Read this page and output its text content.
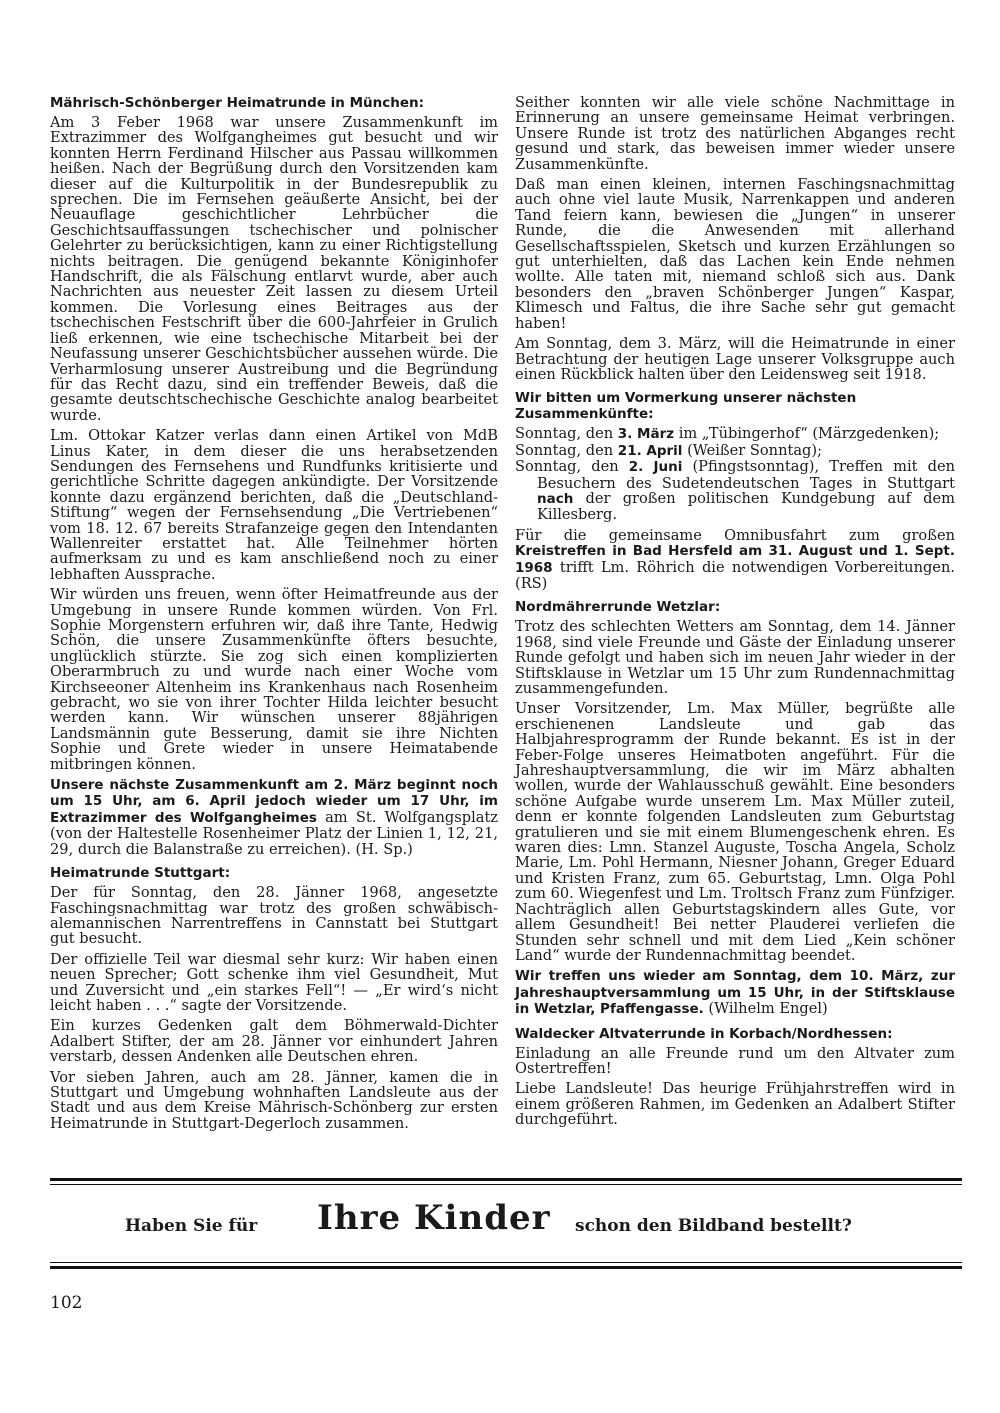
Mährisch-Schönberger Heimatrunde in München:

Am 3 Feber 1968 war unsere Zusammenkunft im Extrazimmer des Wolfgangheimes gut besucht und wir konnten Herrn Ferdinand Hilscher aus Passau willkommen heißen. Nach der Begrüßung durch den Vorsitzenden kam dieser auf die Kulturpolitik in der Bundesrepublik zu sprechen. Die im Fernsehen geäußerte Ansicht, bei der Neuauflage geschichtlicher Lehrbücher die Geschichtsauffassungen tschechischer und polnischer Gelehrter zu berücksichtigen, kann zu einer Richtigstellung nichts beitragen. Die genügend bekannte Königinhofer Handschrift, die als Fälschung entlarvt wurde, aber auch Nachrichten aus neuester Zeit lassen zu diesem Urteil kommen. Die Vorlesung eines Beitrages aus der tschechischen Festschrift über die 600-Jahrfeier in Grulich ließ erkennen, wie eine tschechische Mitarbeit bei der Neufassung unserer Geschichtsbücher aussehen würde. Die Verharmlosung unserer Austreibung und die Begründung für das Recht dazu, sind ein treffender Beweis, daß die gesamte deutschtschechische Geschichte analog bearbeitet wurde.

Lm. Ottokar Katzer verlas dann einen Artikel von MdB Linus Kater, in dem dieser die uns herabsetzenden Sendungen des Fernsehens und Rundfunks kritisierte und gerichtliche Schritte dagegen ankündigte. Der Vorsitzende konnte dazu ergänzend berichten, daß die „Deutschland-Stiftung“ wegen der Fernsehsendung „Die Vertriebenen“ vom 18. 12. 67 bereits Strafanzeige gegen den Intendanten Wallenreiter erstattet hat. Alle Teilnehmer hörten aufmerksam zu und es kam anschließend noch zu einer lebhaften Aussprache.

Wir würden uns freuen, wenn öfter Heimatfreunde aus der Umgebung in unsere Runde kommen würden. Von Frl. Sophie Morgenstern erfuhren wir, daß ihre Tante, Hedwig Schön, die unsere Zusammenkünfte öfters besuchte, unglücklich stürzte. Sie zog sich einen komplizierten Oberarmbruch zu und wurde nach einer Woche vom Kirchseeoner Altenheim ins Krankenhaus nach Rosenheim gebracht, wo sie von ihrer Tochter Hilda leichter besucht werden kann. Wir wünschen unserer 88jährigen Landsmännin gute Besserung, damit sie ihre Nichten Sophie und Grete wieder in unsere Heimatabende mitbringen können.

Unsere nächste Zusammenkunft am 2. März beginnt noch um 15 Uhr, am 6. April jedoch wieder um 17 Uhr, im Extrazimmer des Wolfgangheimes am St. Wolfgangsplatz (von der Haltestelle Rosenheimer Platz der Linien 1, 12, 21, 29, durch die Balanstraße zu erreichen). (H. Sp.)

Heimatrunde Stuttgart:

Der für Sonntag, den 28. Jänner 1968, angesetzte Faschingsnachmittag war trotz des großen schwäbisch-alemannischen Narrentreffens in Cannstatt bei Stuttgart gut besucht.

Der offizielle Teil war diesmal sehr kurz: Wir haben einen neuen Sprecher; Gott schenke ihm viel Gesundheit, Mut und Zuversicht und „ein starkes Fell“! — „Er wird‘s nicht leicht haben . . .“ sagte der Vorsitzende.

Ein kurzes Gedenken galt dem Böhmerwald-Dichter Adalbert Stifter, der am 28. Jänner vor einhundert Jahren verstarb, dessen Andenken alle Deutschen ehren.

Vor sieben Jahren, auch am 28. Jänner, kamen die in Stuttgart und Umgebung wohnhaften Landsleute aus der Stadt und aus dem Kreise Mährisch-Schönberg zur ersten Heimatrunde in Stuttgart-Degerloch zusammen.

Seither konnten wir alle viele schöne Nachmittage in Erinnerung an unsere gemeinsame Heimat verbringen. Unsere Runde ist trotz des natürlichen Abganges recht gesund und stark, das beweisen immer wieder unsere Zusammenkünfte.

Daß man einen kleinen, internen Faschingsnachmittag auch ohne viel laute Musik, Narrenkappen und anderen Tand feiern kann, bewiesen die „Jungen“ in unserer Runde, die die Anwesenden mit allerhand Gesellschaftsspielen, Sketsch und kurzen Erzählungen so gut unterhielten, daß das Lachen kein Ende nehmen wollte. Alle taten mit, niemand schloß sich aus. Dank besonders den „braven Schönberger Jungen“ Kaspar, Klimesch und Faltus, die ihre Sache sehr gut gemacht haben!

Am Sonntag, dem 3. März, will die Heimatrunde in einer Betrachtung der heutigen Lage unserer Volksgruppe auch einen Rückblick halten über den Leidensweg seit 1918.

Wir bitten um Vormerkung unserer nächsten Zusammenkünfte:

Sonntag, den 3. März im „Tübingerhof“ (Märzgedenken);
Sonntag, den 21. April (Weißer Sonntag);
Sonntag, den 2. Juni (Pfingstsonntag), Treffen mit den Besuchern des Sudetendeutschen Tages in Stuttgart nach der großen politischen Kundgebung auf dem Killesberg.

Für die gemeinsame Omnibusfahrt zum großen Kreistreffen in Bad Hersfeld am 31. August und 1. Sept. 1968 trifft Lm. Röhrich die notwendigen Vorbereitungen. (RS)

Nordmährerrunde Wetzlar:

Trotz des schlechten Wetters am Sonntag, dem 14. Jänner 1968, sind viele Freunde und Gäste der Einladung unserer Runde gefolgt und haben sich im neuen Jahr wieder in der Stiftsklause in Wetzlar um 15 Uhr zum Rundennachmittag zusammengefunden.

Unser Vorsitzender, Lm. Max Müller, begrüßte alle erschienenen Landsleute und gab das Halbjahresprogramm der Runde bekannt. Es ist in der Feber-Folge unseres Heimatboten angeführt. Für die Jahreshauptversammlung, die wir im März abhalten wollen, wurde der Wahlausschuß gewählt. Eine besonders schöne Aufgabe wurde unserem Lm. Max Müller zuteil, denn er konnte folgenden Landsleuten zum Geburtstag gratulieren und sie mit einem Blumengeschenk ehren. Es waren dies: Lmn. Stanzel Auguste, Toscha Angela, Scholz Marie, Lm. Pohl Hermann, Niesner Johann, Greger Eduard und Kristen Franz, zum 65. Geburtstag, Lmn. Olga Pohl zum 60. Wiegenfest und Lm. Troltsch Franz zum Fünfziger. Nachträglich allen Geburtstagskindern alles Gute, vor allem Gesundheit! Bei netter Plauderei verliefen die Stunden sehr schnell und mit dem Lied „Kein schöner Land“ wurde der Rundennachmittag beendet.

Wir treffen uns wieder am Sonntag, dem 10. März, zur Jahreshauptversammlung um 15 Uhr, in der Stiftsklause in Wetzlar, Pfaffengasse. (Wilhelm Engel)

Waldecker Altvaterrunde in Korbach/Nordhessen:

Einladung an alle Freunde rund um den Altvater zum Ostertreffen!

Liebe Landsleute! Das heurige Frühjahrstreffen wird in einem größeren Rahmen, im Gedenken an Adalbert Stifter durchgeführt.

Haben Sie für Ihre Kinder schon den Bildband bestellt?
102
